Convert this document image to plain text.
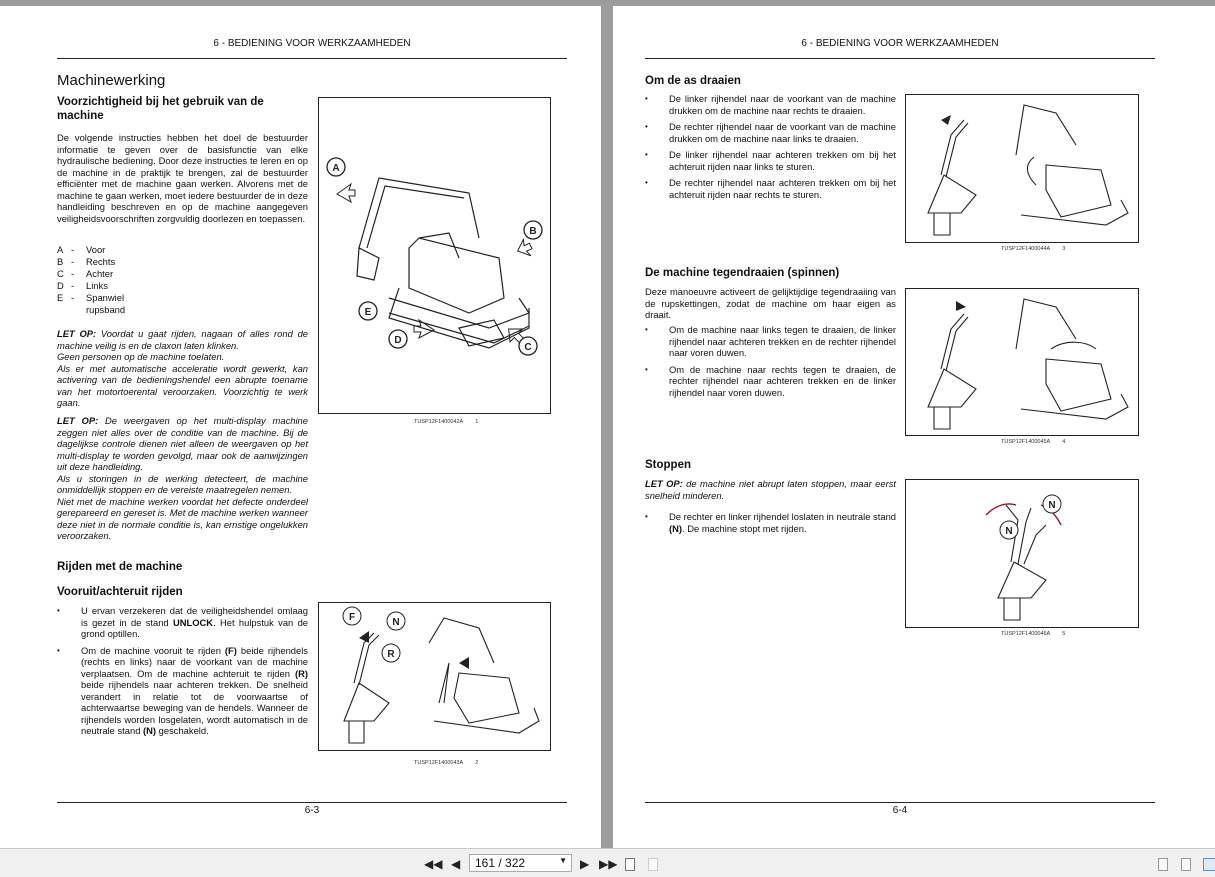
6 - BEDIENING VOOR WERKZAAMHEDEN
Machinewerking
Voorzichtigheid bij het gebruik van de machine

De volgende instructies hebben het doel de bestuurder informatie te geven over de basisfunctie van elke hydraulische bediening. Door deze instructies te leren en op de machine in de praktijk te brengen, zal de bestuurder efficiënter met de machine gaan werken. Alvorens met de machine te gaan werken, moet iedere bestuurder de in deze handleiding beschreven en op de machine aangegeven veiligheidsvoorschriften zorgvuldig doorlezen en toepassen.

A	-	Voor
B	-	Rechts
C	-	Achter
D	-	Links
E	-	Spanwiel rupsband

LET OP: Voordat u gaat rijden, nagaan of alles rond de machine veilig is en de claxon laten klinken.

Geen personen op de machine toelaten.

Als er met automatische acceleratie wordt gewerkt, kan activering van de bedieningshendel een abrupte toename van het motortoerental veroorzaken. Voorzichtig te werk gaan.

LET OP: De weergaven op het multi-display machine zeggen niet alles over de conditie van de machine. Bij de dagelijkse controle dienen niet alleen de weergaven op het multi-display te worden gevolgd, maar ook de aanwijzingen uit deze handleiding.

Als u storingen in de werking detecteert, de machine onmiddellijk stoppen en de vereiste maatregelen nemen.

Niet met de machine werken voordat het defecte onderdeel gerepareerd en gereset is. Met de machine werken wanneer deze niet in de normale conditie is, kan ernstige ongelukken veroorzaken.

Rijden met de machine
Vooruit/achteruit rijden
• U ervan verzekeren dat de veiligheidshendel omlaag is gezet in de stand UNLOCK. Het hulpstuk van de grond optillen.
• Om de machine vooruit te rijden (F) beide rijhendels (rechts en links) naar de voorkant van de machine verplaatsen. Om de machine achteruit te rijden (R) beide rijhendels naar achteren trekken. De snelheid verandert in relatie tot de voorwaartse of achterwaartse beweging van de hendels. Wanneer de rijhendels worden losgelaten, wordt automatisch in de neutrale stand (N) geschakeld.
A
B
C
D
E
TUSP12F1400042A 1
F	N
R
TUSP12F1400043A 2
6-3
6 - BEDIENING VOOR WERKZAAMHEDEN
Om de as draaien
• De linker rijhendel naar de voorkant van de machine drukken om de machine naar rechts te draaien.
• De rechter rijhendel naar de voorkant van de machine drukken om de machine naar links te draaien.
• De linker rijhendel naar achteren trekken om bij het achteruit rijden naar links te sturen.
• De rechter rijhendel naar achteren trekken om bij het achteruit rijden naar rechts te sturen.
De machine tegendraaien (spinnen)

Deze manoeuvre activeert de gelijktijdige tegendraaiing van de rupskettingen, zodat de machine om haar eigen as draait.

• Om de machine naar links tegen te draaien, de linker rijhendel naar achteren trekken en de rechter rijhendel naar voren duwen.
• Om de machine naar rechts tegen te draaien, de rechter rijhendel naar achteren trekken en de linker rijhendel naar voren duwen.
Stoppen

LET OP: de machine niet abrupt laten stoppen, maar eerst snelheid minderen.

• De rechter en linker rijhendel loslaten in neutrale stand (N). De machine stopt met rijden.
TUSP12F1400044A 3
TUSP12F1400045A 4
N
N
TUSP12F1400046A 5
6-4
◀◀ ◀	161 / 322	▼ ▶ ▶▶
